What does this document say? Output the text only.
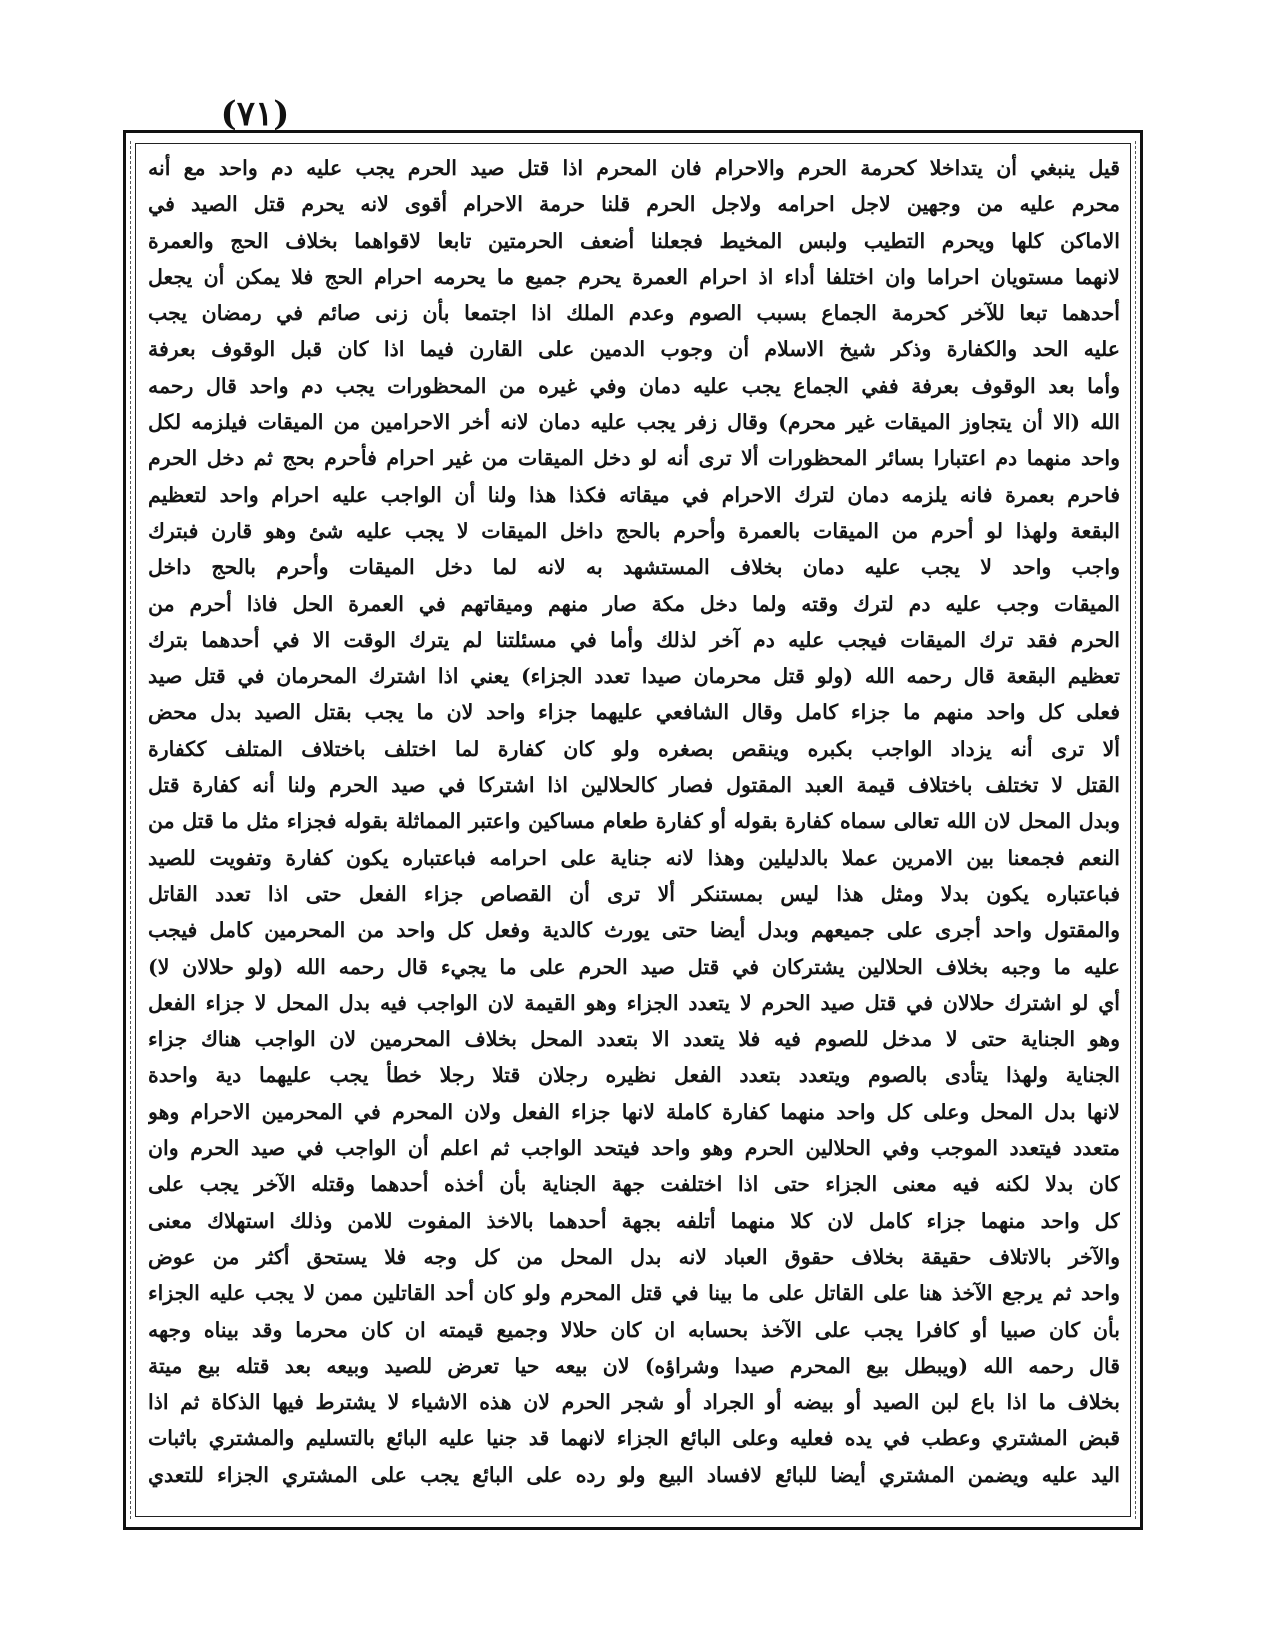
(٧١)
قيل ينبغي أن يتداخلا كحرمة الحرم والاحرام فان المحرم اذا قتل صيد الحرم يجب عليه دم واحد مع أنه
محرم عليه من وجهين لاجل احرامه ولاجل الحرم قلنا حرمة الاحرام أقوى لانه يحرم قتل الصيد في
الاماكن كلها ويحرم التطيب ولبس المخيط فجعلنا أضعف الحرمتين تابعا لاقواهما بخلاف الحج والعمرة
لانهما مستويان احراما وان اختلفا أداء اذ احرام العمرة يحرم جميع ما يحرمه احرام الحج فلا يمكن أن يجعل
أحدهما تبعا للآخر كحرمة الجماع بسبب الصوم وعدم الملك اذا اجتمعا بأن زنى صائم في رمضان يجب
عليه الحد والكفارة وذكر شيخ الاسلام أن وجوب الدمين على القارن فيما اذا كان قبل الوقوف بعرفة
وأما بعد الوقوف بعرفة ففي الجماع يجب عليه دمان وفي غيره من المحظورات يجب دم واحد قال رحمه
الله (الا أن يتجاوز الميقات غير محرم) وقال زفر يجب عليه دمان لانه أخر الاحرامين من الميقات فيلزمه لكل
واحد منهما دم اعتبارا بسائر المحظورات ألا ترى أنه لو دخل الميقات من غير احرام فأحرم بحج ثم دخل الحرم
فاحرم بعمرة فانه يلزمه دمان لترك الاحرام في ميقاته فكذا هذا ولنا أن الواجب عليه احرام واحد لتعظيم
البقعة ولهذا لو أحرم من الميقات بالعمرة وأحرم بالحج داخل الميقات لا يجب عليه شئ وهو قارن فبترك
واجب واحد لا يجب عليه دمان بخلاف المستشهد به لانه لما دخل الميقات وأحرم بالحج داخل
الميقات وجب عليه دم لترك وقته ولما دخل مكة صار منهم وميقاتهم في العمرة الحل فاذا أحرم من
الحرم فقد ترك الميقات فيجب عليه دم آخر لذلك وأما في مسئلتنا لم يترك الوقت الا في أحدهما بترك
تعظيم البقعة قال رحمه الله (ولو قتل محرمان صيدا تعدد الجزاء) يعني اذا اشترك المحرمان في قتل صيد
فعلى كل واحد منهم ما جزاء كامل وقال الشافعي عليهما جزاء واحد لان ما يجب بقتل الصيد بدل محض
ألا ترى أنه يزداد الواجب بكبره وينقص بصغره ولو كان كفارة لما اختلف باختلاف المتلف ككفارة
القتل لا تختلف باختلاف قيمة العبد المقتول فصار كالحلالين اذا اشتركا في صيد الحرم ولنا أنه كفارة قتل
وبدل المحل لان الله تعالى سماه كفارة بقوله أو كفارة طعام مساكين واعتبر المماثلة بقوله فجزاء مثل ما قتل من
النعم فجمعنا بين الامرين عملا بالدليلين وهذا لانه جناية على احرامه فباعتباره يكون كفارة وتفويت للصيد
فباعتباره يكون بدلا ومثل هذا ليس بمستنكر ألا ترى أن القصاص جزاء الفعل حتى اذا تعدد القاتل
والمقتول واحد أجرى على جميعهم وبدل أيضا حتى يورث كالدية وفعل كل واحد من المحرمين كامل فيجب
عليه ما وجبه بخلاف الحلالين يشتركان في قتل صيد الحرم على ما يجيء قال رحمه الله (ولو حلالان لا)
أي لو اشترك حلالان في قتل صيد الحرم لا يتعدد الجزاء وهو القيمة لان الواجب فيه بدل المحل لا جزاء الفعل
وهو الجناية حتى لا مدخل للصوم فيه فلا يتعدد الا بتعدد المحل بخلاف المحرمين لان الواجب هناك جزاء
الجناية ولهذا يتأدى بالصوم ويتعدد بتعدد الفعل نظيره رجلان قتلا رجلا خطأ يجب عليهما دية واحدة
لانها بدل المحل وعلى كل واحد منهما كفارة كاملة لانها جزاء الفعل ولان المحرم في المحرمين الاحرام وهو
متعدد فيتعدد الموجب وفي الحلالين الحرم وهو واحد فيتحد الواجب ثم اعلم أن الواجب في صيد الحرم وان
كان بدلا لكنه فيه معنى الجزاء حتى اذا اختلفت جهة الجناية بأن أخذه أحدهما وقتله الآخر يجب على
كل واحد منهما جزاء كامل لان كلا منهما أتلفه بجهة أحدهما بالاخذ المفوت للامن وذلك استهلاك معنى
والآخر بالاتلاف حقيقة بخلاف حقوق العباد لانه بدل المحل من كل وجه فلا يستحق أكثر من عوض
واحد ثم يرجع الآخذ هنا على القاتل على ما بينا في قتل المحرم ولو كان أحد القاتلين ممن لا يجب عليه الجزاء
بأن كان صبيا أو كافرا يجب على الآخذ بحسابه ان كان حلالا وجميع قيمته ان كان محرما وقد بيناه وجهه
قال رحمه الله (ويبطل بيع المحرم صيدا وشراؤه) لان بيعه حيا تعرض للصيد وبيعه بعد قتله بيع ميتة
بخلاف ما اذا باع لبن الصيد أو بيضه أو الجراد أو شجر الحرم لان هذه الاشياء لا يشترط فيها الذكاة ثم اذا
قبض المشتري وعطب في يده فعليه وعلى البائع الجزاء لانهما قد جنيا عليه البائع بالتسليم والمشتري باثبات
اليد عليه ويضمن المشتري أيضا للبائع لافساد البيع ولو رده على البائع يجب على المشتري الجزاء للتعدي
